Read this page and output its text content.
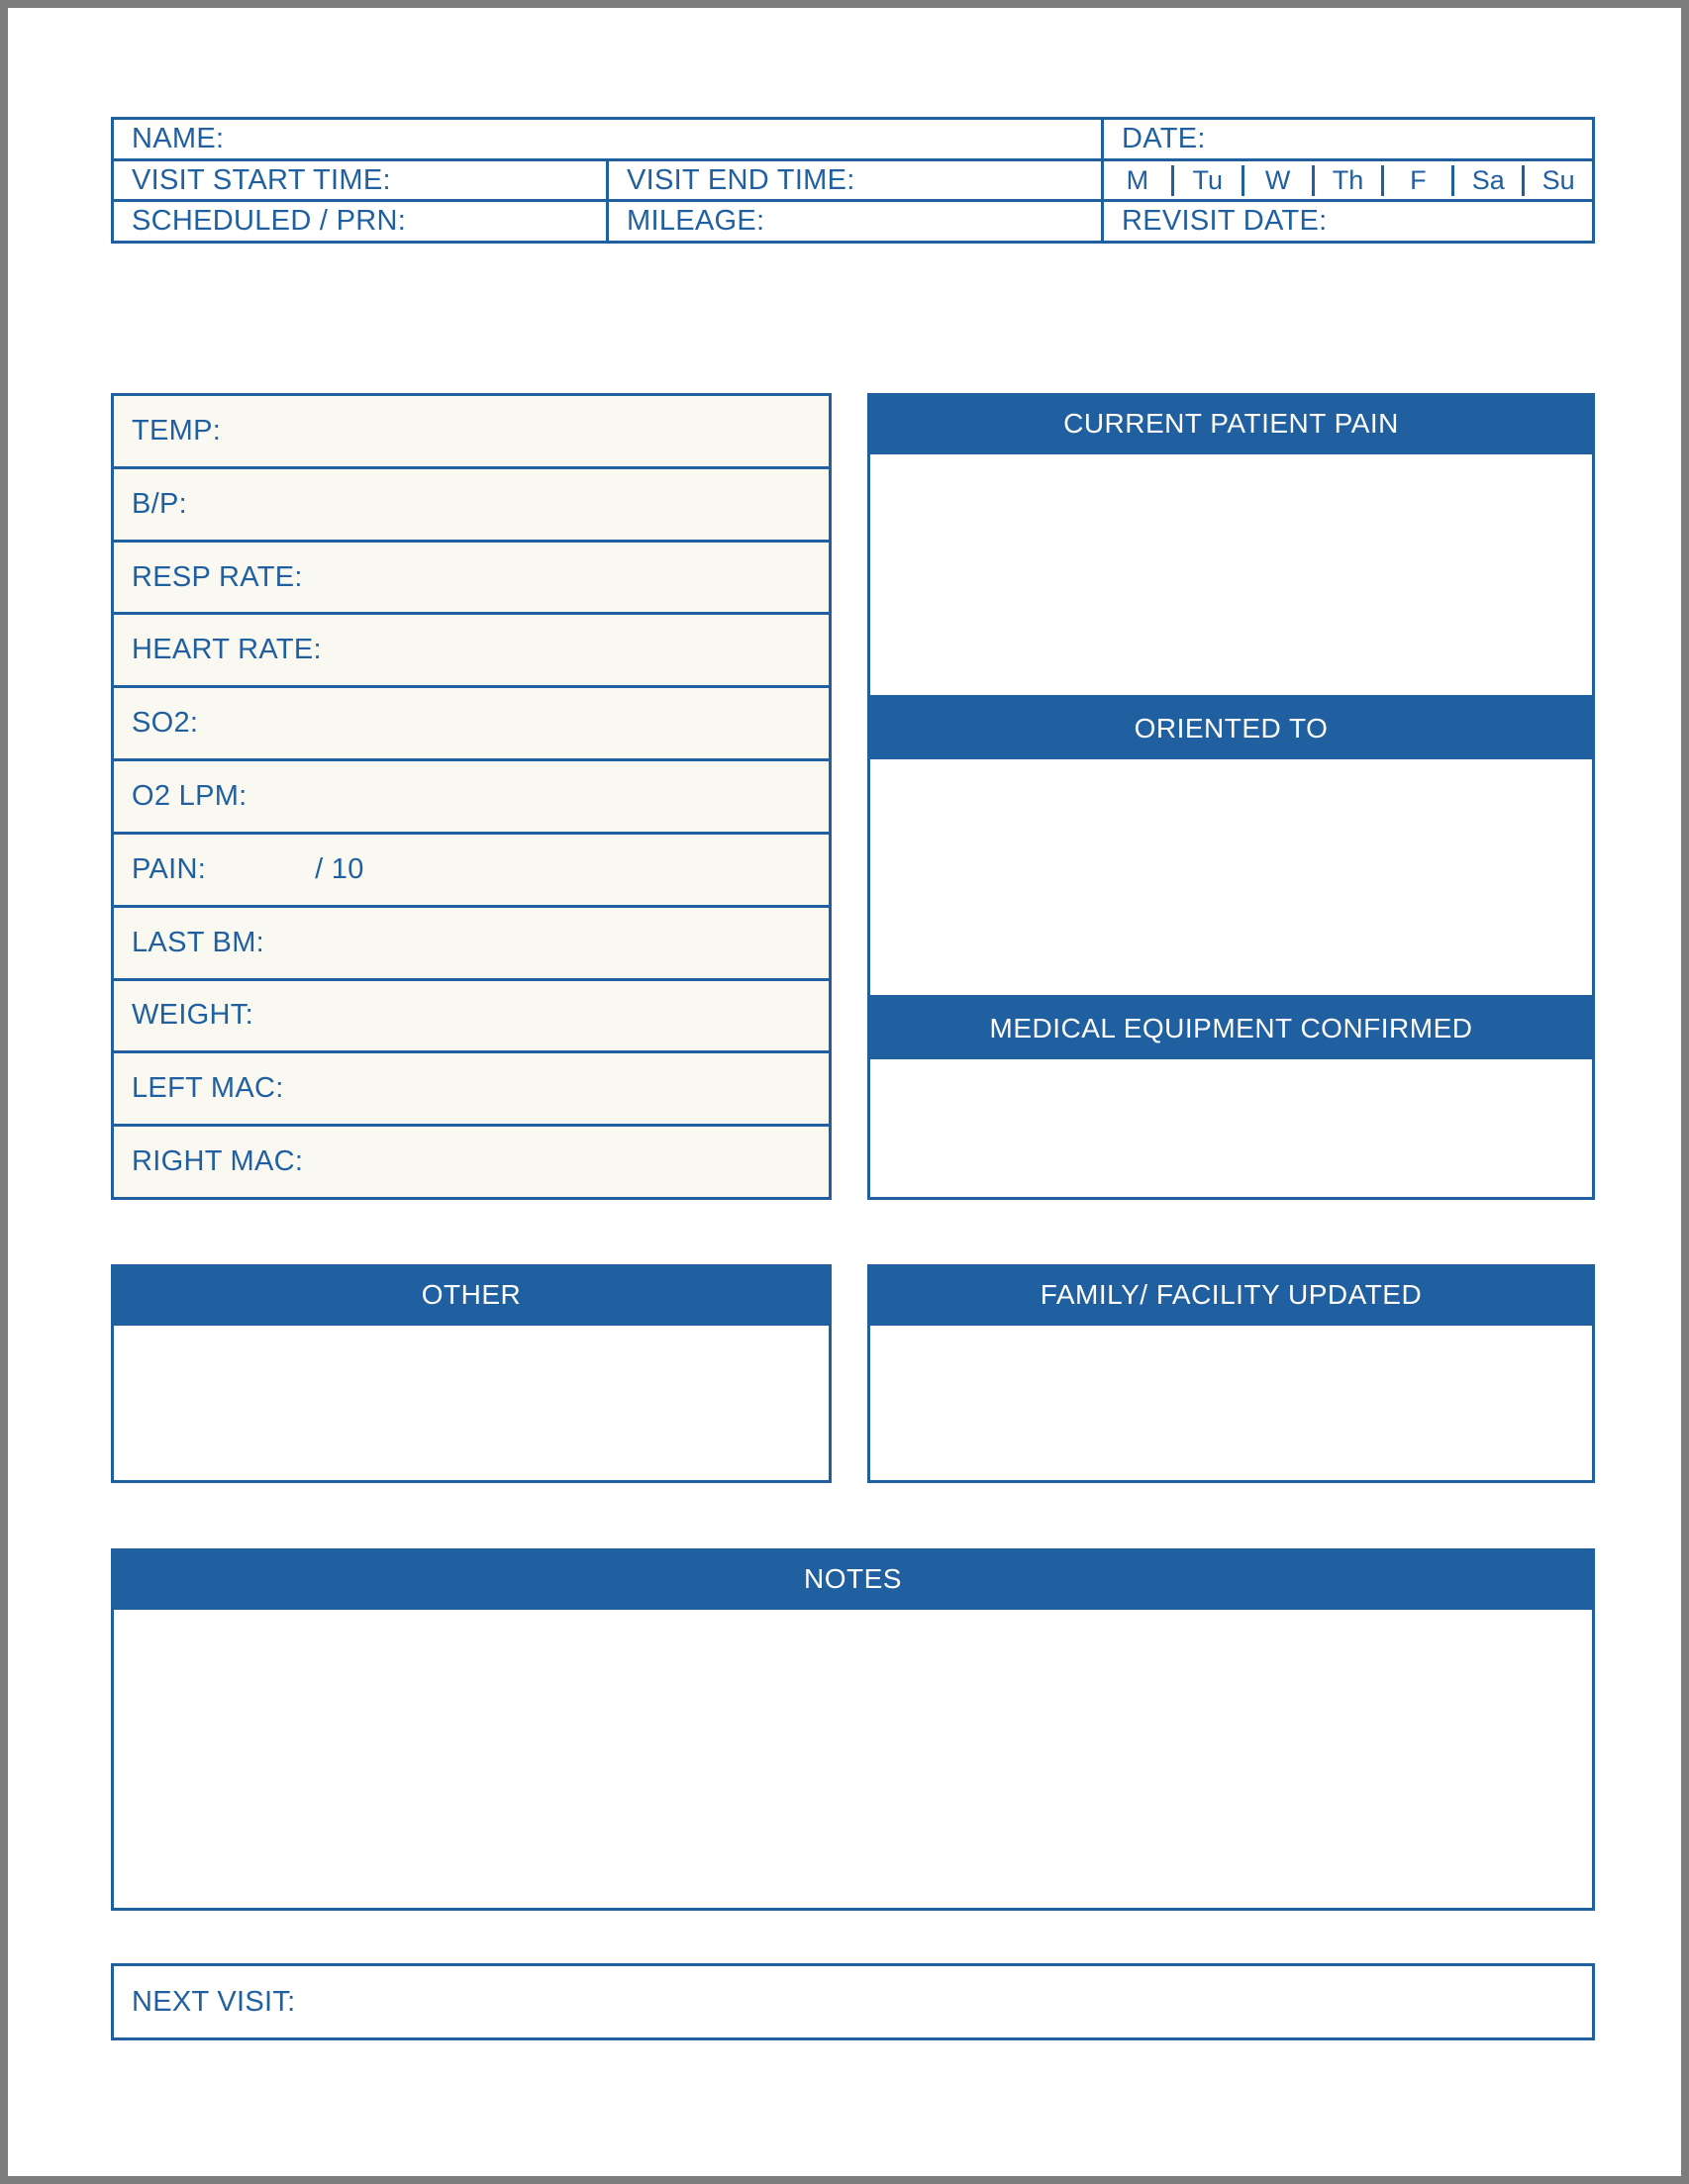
NAME:	DATE:
VISIT START TIME:	VISIT END TIME:	M	Tu	W	Th	F	Sa	Su
SCHEDULED / PRN:	MILEAGE:	REVISIT DATE:
TEMP:
B/P:
RESP RATE:
HEART RATE:
SO2:
O2 LPM:
PAIN:	/ 10
LAST BM:
WEIGHT:
LEFT MAC:
RIGHT MAC:
CURRENT PATIENT PAIN
ORIENTED TO
MEDICAL EQUIPMENT CONFIRMED
OTHER	FAMILY/ FACILITY UPDATED
NOTES
NEXT VISIT:
